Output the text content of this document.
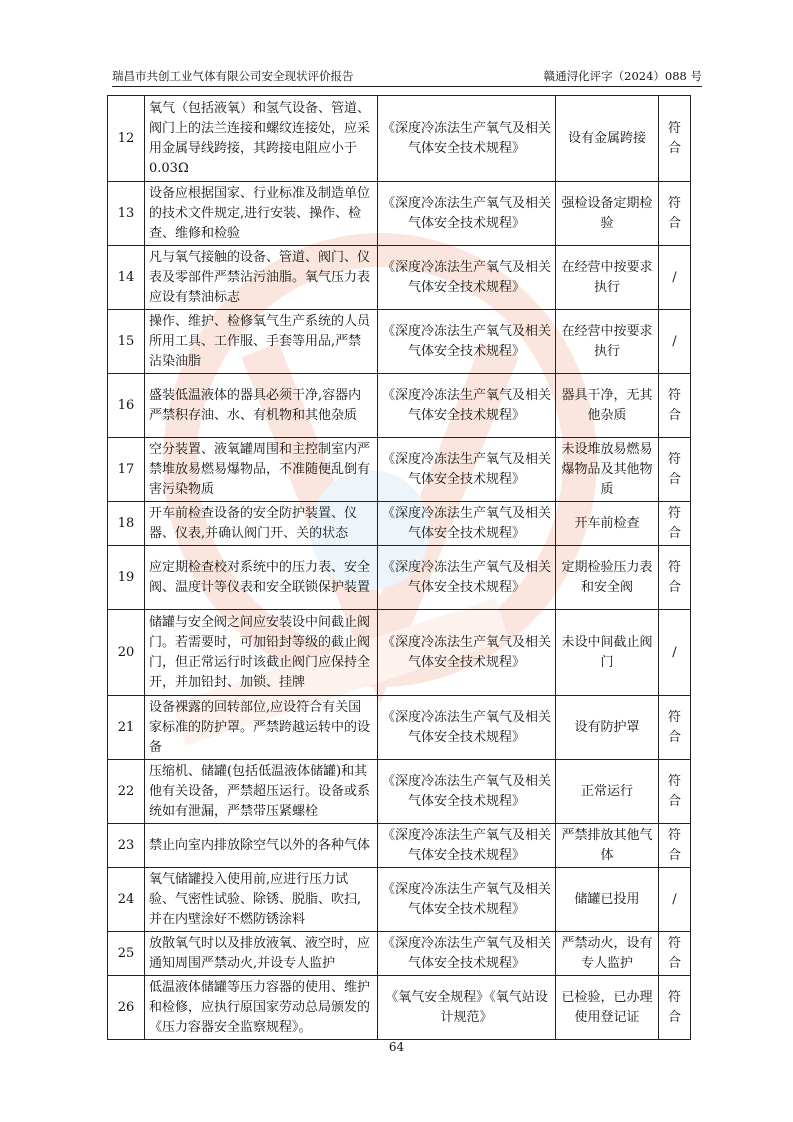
瑞昌市共创工业气体有限公司安全现状评价报告	赣通浔化评字（2024）088 号
12	氧气（包括液氧）和氢气设备、管道、阀门上的法兰连接和螺纹连接处，应采用金属导线跨接，其跨接电阻应小于 0.03Ω	《深度冷冻法生产氧气及相关气体安全技术规程》	设有金属跨接	符合
13	设备应根据国家、行业标准及制造单位的技术文件规定,进行安装、操作、检查、维修和检验	《深度冷冻法生产氧气及相关气体安全技术规程》	强检设备定期检验	符合
14	凡与氧气接触的设备、管道、阀门、仪表及零部件严禁沾污油脂。氧气压力表应设有禁油标志	《深度冷冻法生产氧气及相关气体安全技术规程》	在经营中按要求执行	/
15	操作、维护、检修氧气生产系统的人员所用工具、工作服、手套等用品,严禁沾染油脂	《深度冷冻法生产氧气及相关气体安全技术规程》	在经营中按要求执行	/
16	盛装低温液体的器具必须干净,容器内严禁积存油、水、有机物和其他杂质	《深度冷冻法生产氧气及相关气体安全技术规程》	器具干净，无其他杂质	符合
17	空分装置、液氧罐周围和主控制室内严禁堆放易燃易爆物品，不准随便乱倒有害污染物质	《深度冷冻法生产氧气及相关气体安全技术规程》	未设堆放易燃易爆物品及其他物质	符合
18	开车前检查设备的安全防护装置、仪器、仪表,并确认阀门开、关的状态	《深度冷冻法生产氧气及相关气体安全技术规程》	开车前检查	符合
19	应定期检查校对系统中的压力表、安全阀、温度计等仪表和安全联锁保护装置	《深度冷冻法生产氧气及相关气体安全技术规程》	定期检验压力表和安全阀	符合
20	储罐与安全阀之间应安装设中间截止阀门。若需要时，可加铅封等级的截止阀门，但正常运行时该截止阀门应保持全开，并加铅封、加锁、挂牌	《深度冷冻法生产氧气及相关气体安全技术规程》	未设中间截止阀门	/
21	设备裸露的回转部位,应设符合有关国家标准的防护罩。严禁跨越运转中的设备	《深度冷冻法生产氧气及相关气体安全技术规程》	设有防护罩	符合
22	压缩机、储罐(包括低温液体储罐)和其他有关设备，严禁超压运行。设备或系统如有泄漏，严禁带压紧螺栓	《深度冷冻法生产氧气及相关气体安全技术规程》	正常运行	符合
23	禁止向室内排放除空气以外的各种气体	《深度冷冻法生产氧气及相关气体安全技术规程》	严禁排放其他气体	符合
24	氧气储罐投入使用前,应进行压力试验、气密性试验、除锈、脱脂、吹扫,并在内壁涂好不燃防锈涂料	《深度冷冻法生产氧气及相关气体安全技术规程》	储罐已投用	/
25	放散氧气时以及排放液氧、液空时，应通知周围严禁动火,并设专人监护	《深度冷冻法生产氧气及相关气体安全技术规程》	严禁动火，设有专人监护	符合
26	低温液体储罐等压力容器的使用、维护和检修，应执行原国家劳动总局颁发的《压力容器安全监察规程》。	《氧气安全规程》《氧气站设计规范》	已检验，已办理使用登记证	符合
64
